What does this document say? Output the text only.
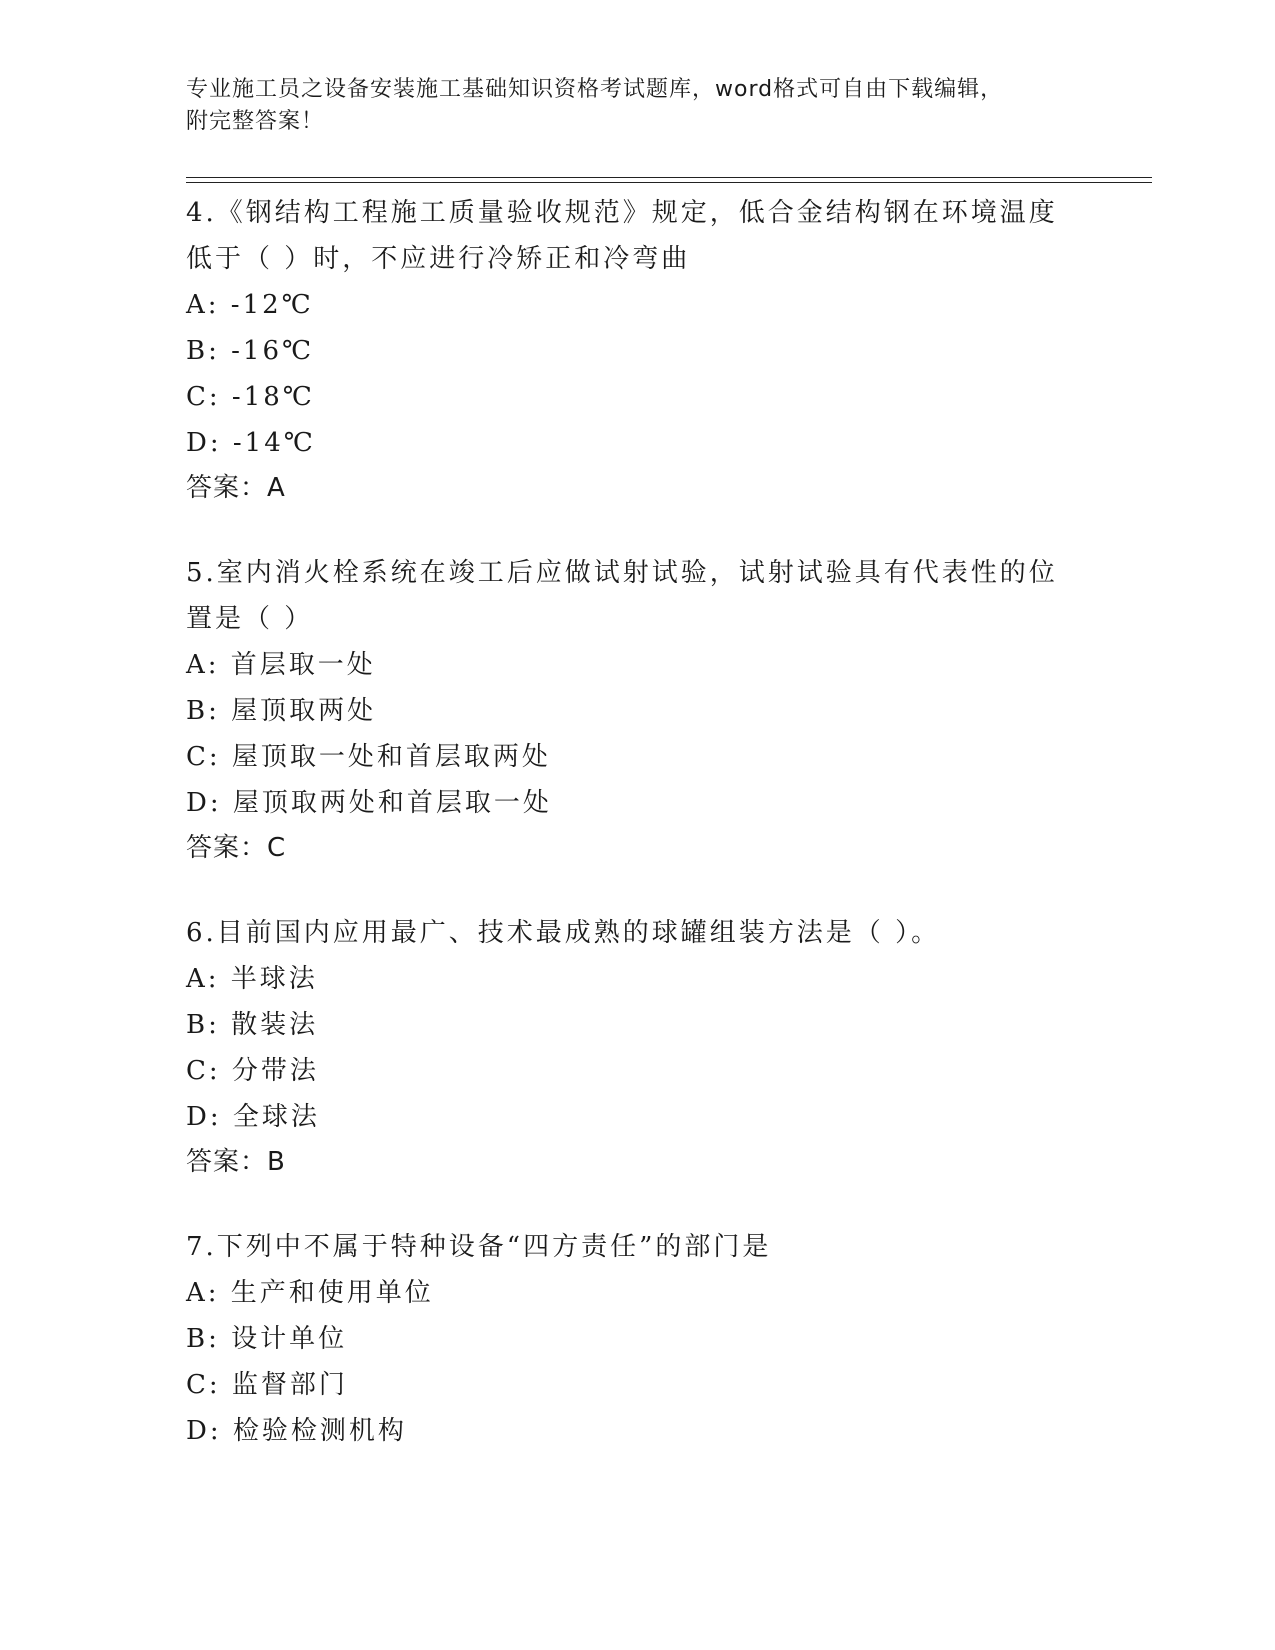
专业施工员之设备安装施工基础知识资格考试题库，word格式可自由下载编辑，
附完整答案！
4.《钢结构工程施工质量验收规范》规定，低合金结构钢在环境温度
低于（ ）时，不应进行冷矫正和冷弯曲
A: -12℃
B: -16℃
C: -18℃
D: -14℃
答案：A
5.室内消火栓系统在竣工后应做试射试验，试射试验具有代表性的位
置是（ ）
A: 首层取一处
B: 屋顶取两处
C: 屋顶取一处和首层取两处
D: 屋顶取两处和首层取一处
答案：C
6.目前国内应用最广、技术最成熟的球罐组装方法是（ ）。
A: 半球法
B: 散装法
C: 分带法
D: 全球法
答案：B
7.下列中不属于特种设备“四方责任”的部门是
A: 生产和使用单位
B: 设计单位
C: 监督部门
D: 检验检测机构
